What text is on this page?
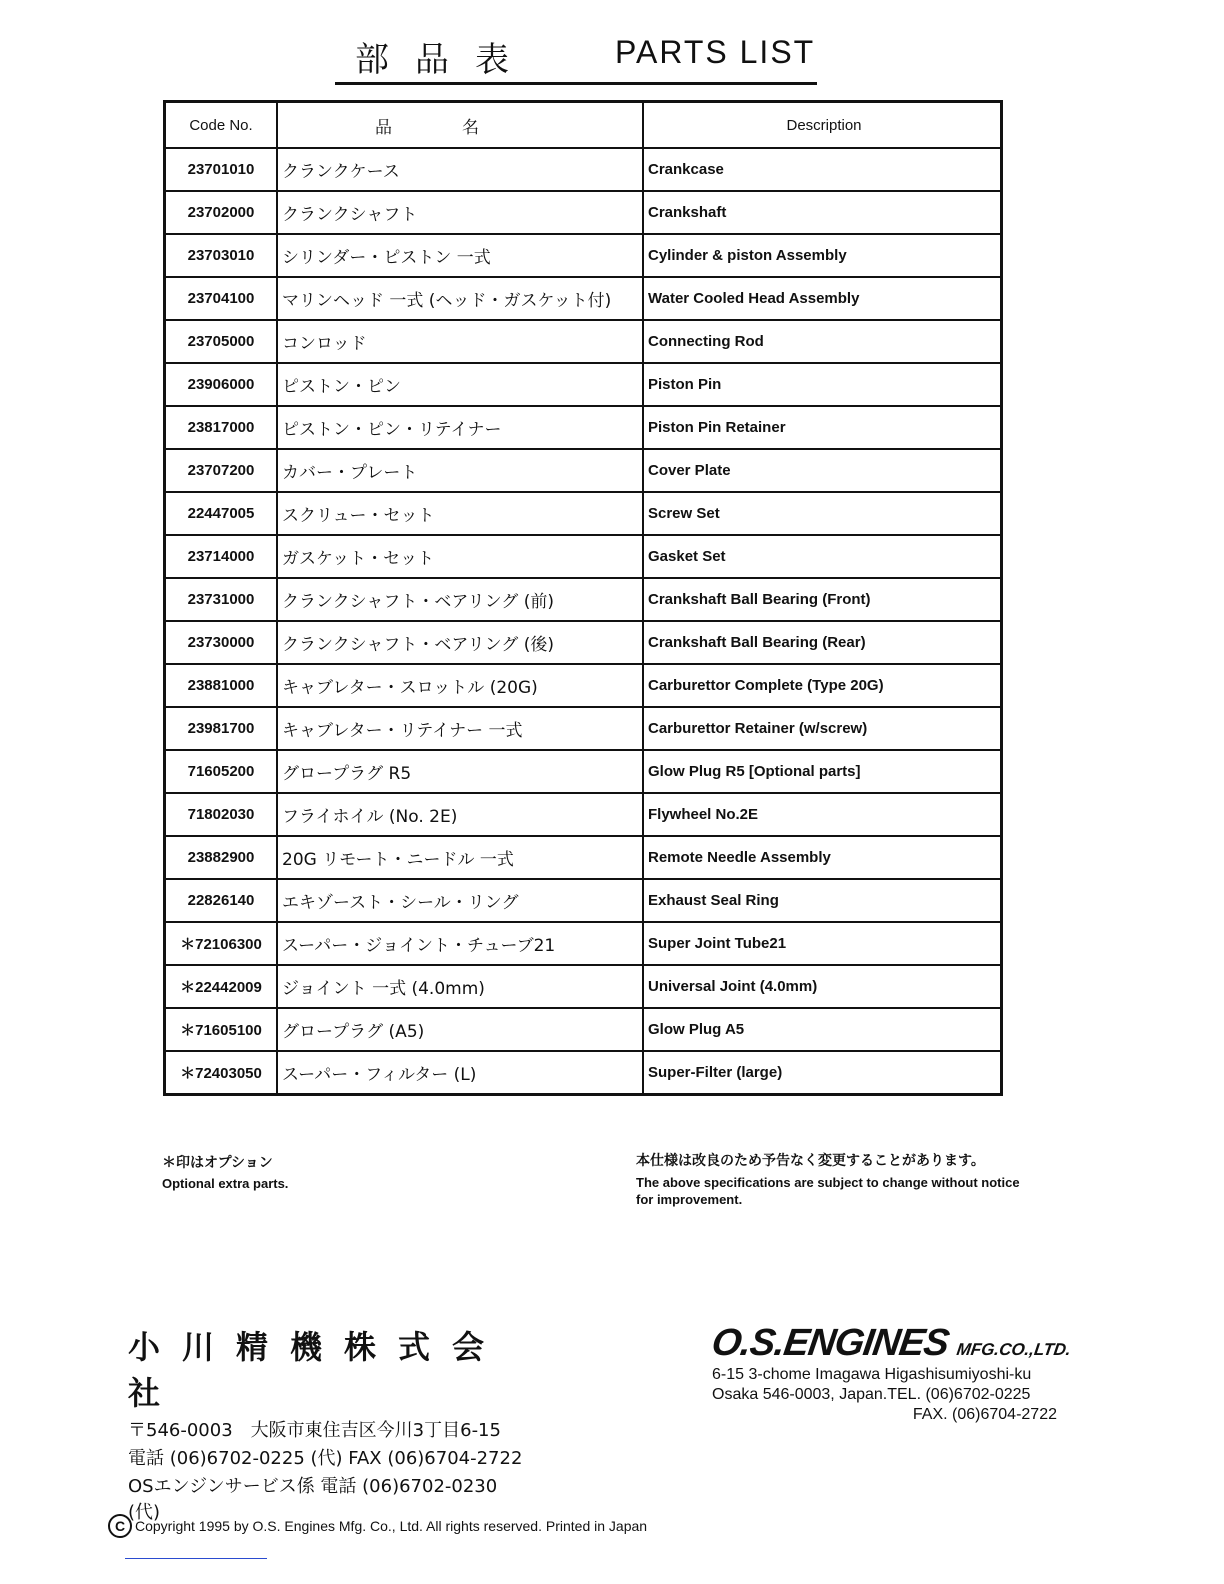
部品表	PARTS LIST
Code No.	品名	Description
23701010	クランクケース	Crankcase
23702000	クランクシャフト	Crankshaft
23703010	シリンダー・ピストン 一式	Cylinder & piston Assembly
23704100	マリンヘッド 一式 (ヘッド・ガスケット付)	Water Cooled Head Assembly
23705000	コンロッド	Connecting Rod
23906000	ピストン・ピン	Piston Pin
23817000	ピストン・ピン・リテイナー	Piston Pin Retainer
23707200	カバー・プレート	Cover Plate
22447005	スクリュー・セット	Screw Set
23714000	ガスケット・セット	Gasket Set
23731000	クランクシャフト・ベアリング (前)	Crankshaft Ball Bearing (Front)
23730000	クランクシャフト・ベアリング (後)	Crankshaft Ball Bearing (Rear)
23881000	キャブレター・スロットル (20G)	Carburettor Complete (Type 20G)
23981700	キャブレター・リテイナー 一式	Carburettor Retainer (w/screw)
71605200	グロープラグ R5	Glow Plug R5 [Optional parts]
71802030	フライホイル (No. 2E)	Flywheel No.2E
23882900	20G リモート・ニードル 一式	Remote Needle Assembly
22826140	エキゾースト・シール・リング	Exhaust Seal Ring
＊72106300	スーパー・ジョイント・チューブ21	Super Joint Tube21
＊22442009	ジョイント 一式 (4.0mm)	Universal Joint (4.0mm)
＊71605100	グロープラグ (A5)	Glow Plug A5
＊72403050	スーパー・フィルター (L)	Super-Filter (large)
＊印はオプション
Optional extra parts.
本仕様は改良のため予告なく変更することがあります。
The above specifications are subject to change without notice for improvement.
小川精機株式会社
〒546-0003　大阪市東住吉区今川3丁目6-15
電話 (06)6702-0225 (代) FAX (06)6704-2722
OSエンジンサービス係 電話 (06)6702-0230 (代)
O.S.ENGINES MFG.CO.,LTD.
6-15 3-chome Imagawa Higashisumiyoshi-ku
Osaka 546-0003, Japan.TEL. (06)6702-0225
FAX. (06)6704-2722
C Copyright 1995 by O.S. Engines Mfg. Co., Ltd. All rights reserved. Printed in Japan
